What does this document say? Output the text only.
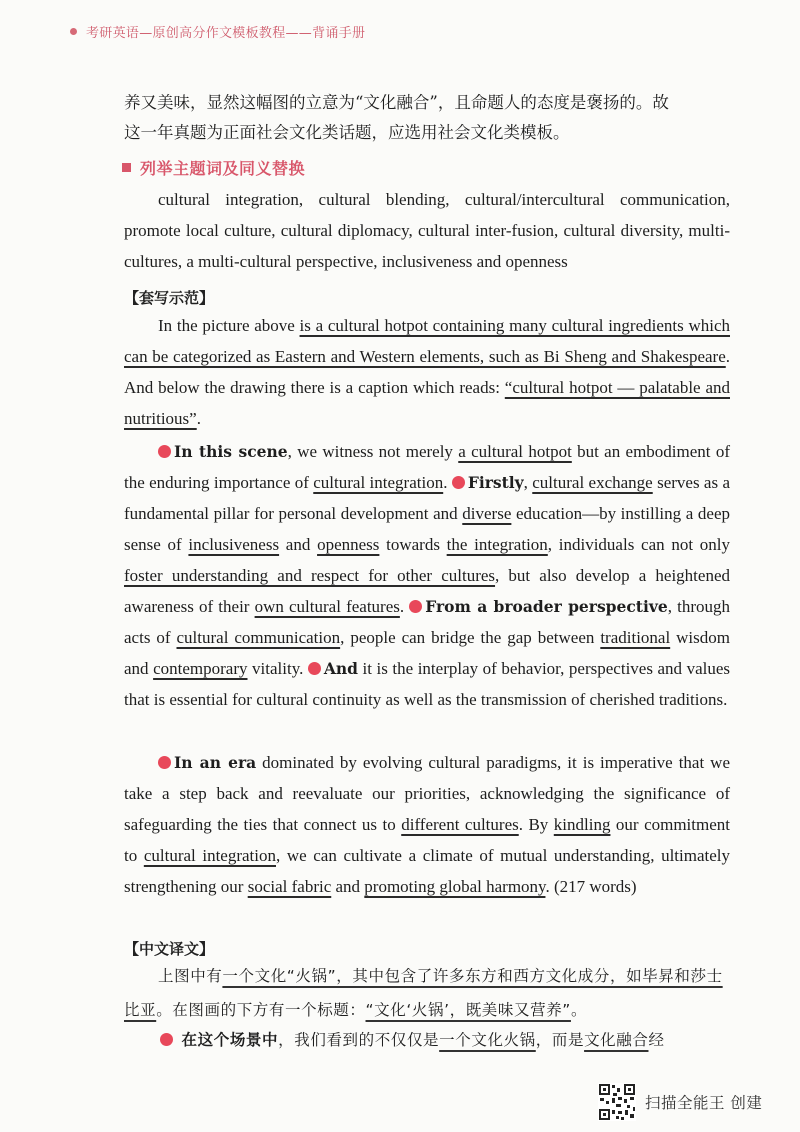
考研英语—原创高分作文模板教程——背诵手册
养又美味，显然这幅图的立意为“文化融合”，且命题人的态度是褒扬的。故
这一年真题为正面社会文化类话题，应选用社会文化类模板。
列举主题词及同义替换
cultural integration, cultural blending, cultural/intercultural communication, promote local culture, cultural diplomacy, cultural inter-fusion, cultural diversity, multi-cultures, a multi-cultural perspective, inclusiveness and openness
【套写示范】
In the picture above is a cultural hotpot containing many cultural ingredients which can be categorized as Eastern and Western elements, such as Bi Sheng and Shakespeare. And below the drawing there is a caption which reads: “cultural hotpot — palatable and nutritious”.
In this scene, we witness not merely a cultural hotpot but an embodiment of the enduring importance of cultural integration. Firstly, cultural exchange serves as a fundamental pillar for personal development and diverse education—by instilling a deep sense of inclusiveness and openness towards the integration, individuals can not only foster understanding and respect for other cultures, but also develop a heightened awareness of their own cultural features. From a broader perspective, through acts of cultural communication, people can bridge the gap between traditional wisdom and contemporary vitality. And it is the interplay of behavior, perspectives and values that is essential for cultural continuity as well as the transmission of cherished traditions.
In an era dominated by evolving cultural paradigms, it is imperative that we take a step back and reevaluate our priorities, acknowledging the significance of safeguarding the ties that connect us to different cultures. By kindling our commitment to cultural integration, we can cultivate a climate of mutual understanding, ultimately strengthening our social fabric and promoting global harmony. (217 words)
【中文译文】
上图中有一个文化“火锅”，其中包含了许多东方和西方文化成分，如毕昇和莎士比亚。在图画的下方有一个标题：“文化‘火锅’，既美味又营养”。
在这个场景中，我们看到的不仅仅是一个文化火锅，而是文化融合经
扫描全能王 创建
